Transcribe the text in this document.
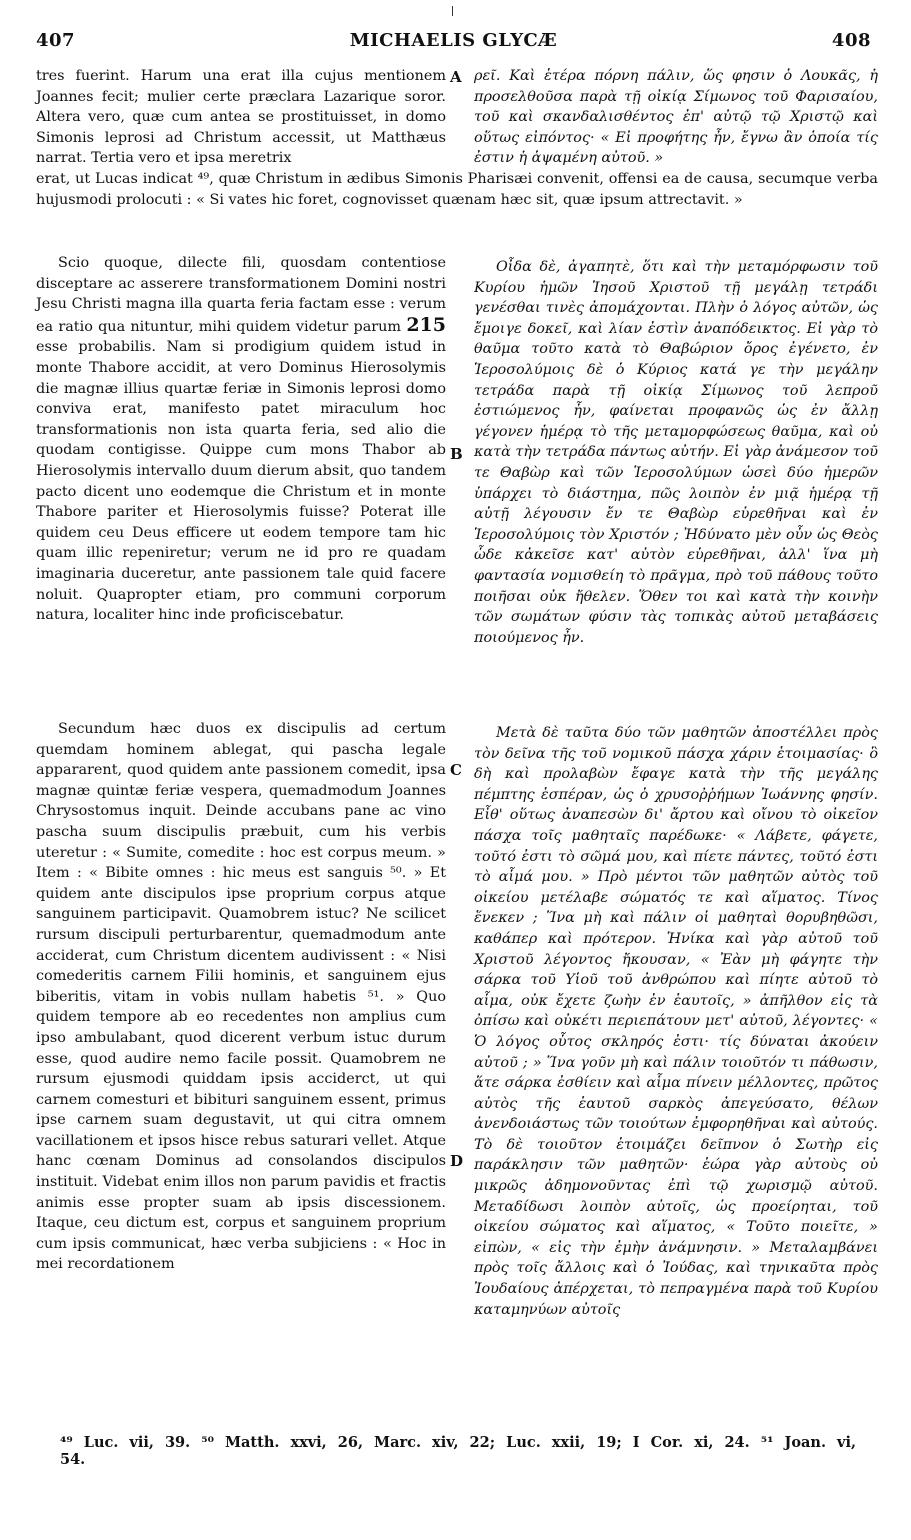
407	MICHAELIS GLYCÆ	408

tres fuerint. Harum una erat illa cujus mentionem Joannes fecit; mulier certe præclara Lazarique soror. Altera vero, quæ cum antea se prostituisset, in domo Simonis leprosi ad Christum accessit, ut Matthæus narrat. Tertia vero et ipsa meretrix

A ρεῖ. Καὶ ἑτέρα πόρνη πάλιν, ὥς φησιν ὁ Λουκᾶς, ἡ προσελθοῦσα παρὰ τῇ οἰκίᾳ Σίμωνος τοῦ Φαρισαίου, τοῦ καὶ σκανδαλισθέντος ἐπ' αὐτῷ τῷ Χριστῷ καὶ οὕτως εἰπόντος· « Εἰ προφήτης ἦν, ἔγνω ἂν ὁποία τίς ἐστιν ἡ ἁψαμένη αὐτοῦ. »

erat, ut Lucas indicat ⁴⁹, quæ Christum in ædibus Simonis Pharisæi convenit, offensi ea de causa, secumque verba hujusmodi prolocuti : « Si vates hic foret, cognovisset quænam hæc sit, quæ ipsum attrectavit. »

Scio quoque, dilecte fili, quosdam contentiose disceptare ac asserere transformationem Domini nostri Jesu Christi magna illa quarta feria factam esse : verum ea ratio qua nituntur, mihi quidem videtur parum 215 esse probabilis. Nam si prodigium quidem istud in monte Thabore accidit, at vero Dominus Hierosolymis die magnæ illius quartæ feriæ in Simonis leprosi domo conviva erat, manifesto patet miraculum hoc transformationis non ista quarta feria, sed alio die quodam contigisse. Quippe cum mons Thabor ab Hierosolymis intervallo duum dierum absit, quo tandem pacto dicent uno eodemque die Christum et in monte Thabore pariter et Hierosolymis fuisse? Poterat ille quidem ceu Deus efficere ut eodem tempore tam hic quam illic repeniretur; verum ne id pro re quadam imaginaria duceretur, ante passionem tale quid facere noluit. Quapropter etiam, pro communi corporum natura, localiter hinc inde proficiscebatur.

B

Οἶδα δὲ, ἀγαπητὲ, ὅτι καὶ τὴν μεταμόρφωσιν τοῦ Κυρίου ἡμῶν Ἰησοῦ Χριστοῦ τῇ μεγάλῃ τετράδι γενέσθαι τινὲς ἀπομάχονται. Πλὴν ὁ λόγος αὐτῶν, ὡς ἔμοιγε δοκεῖ, καὶ λίαν ἐστὶν ἀναπόδεικτος. Εἰ γὰρ τὸ θαῦμα τοῦτο κατὰ τὸ Θαβώριον ὄρος ἐγένετο, ἐν Ἱεροσολύμοις δὲ ὁ Κύριος κατά γε τὴν μεγάλην τετράδα παρὰ τῇ οἰκίᾳ Σίμωνος τοῦ λεπροῦ ἐστιώμενος ἦν, φαίνεται προφανῶς ὡς ἐν ἄλλῃ γέγονεν ἡμέρᾳ τὸ τῆς μεταμορφώσεως θαῦμα, καὶ οὐ κατὰ τὴν τετράδα πάντως αὐτήν. Εἰ γὰρ ἀνάμεσον τοῦ τε Θαβὼρ καὶ τῶν Ἱεροσολύμων ὡσεὶ δύο ἡμερῶν ὑπάρχει τὸ διάστημα, πῶς λοιπὸν ἐν μιᾷ ἡμέρᾳ τῇ αὐτῇ λέγουσιν ἔν τε Θαβὼρ εὑρεθῆναι καὶ ἐν Ἱεροσολύμοις τὸν Χριστόν ; Ἠδύνατο μὲν οὖν ὡς Θεὸς ὧδε κἀκεῖσε κατ' αὐτὸν εὑρεθῆναι, ἀλλ' ἵνα μὴ φαντασία νομισθείη τὸ πρᾶγμα, πρὸ τοῦ πάθους τοῦτο ποιῆσαι οὐκ ἤθελεν. Ὅθεν τοι καὶ κατὰ τὴν κοινὴν τῶν σωμάτων φύσιν τὰς τοπικὰς αὐτοῦ μεταβάσεις ποιούμενος ἦν.

Secundum hæc duos ex discipulis ad certum quemdam hominem ablegat, qui pascha legale appararent, quod quidem ante passionem comedit, ipsa magnæ quintæ feriæ vespera, quemadmodum Joannes Chrysostomus inquit. Deinde accubans pane ac vino pascha suum discipulis præbuit, cum his verbis uteretur : « Sumite, comedite : hoc est corpus meum. » Item : « Bibite omnes : hic meus est sanguis ⁵⁰. » Et quidem ante discipulos ipse proprium corpus atque sanguinem participavit. Quamobrem istuc? Ne scilicet rursum discipuli perturbarentur, quemadmodum ante acciderat, cum Christum dicentem audivissent : « Nisi comederitis carnem Filii hominis, et sanguinem ejus biberitis, vitam in vobis nullam habetis ⁵¹. » Quo quidem tempore ab eo recedentes non amplius cum ipso ambulabant, quod dicerent verbum istuc durum esse, quod audire nemo facile possit. Quamobrem ne rursum ejusmodi quiddam ipsis acciderct, ut qui carnem comesturi et bibituri sanguinem essent, primus ipse carnem suam degustavit, ut qui citra omnem vacillationem et ipsos hisce rebus saturari vellet. Atque hanc cœnam Dominus ad consolandos discipulos instituit. Videbat enim illos non parum pavidis et fractis animis esse propter suam ab ipsis discessionem. Itaque, ceu dictum est, corpus et sanguinem proprium cum ipsis communicat, hæc verba subjiciens : « Hoc in mei recordationem

C
D

Μετὰ δὲ ταῦτα δύο τῶν μαθητῶν ἀποστέλλει πρὸς τὸν δεῖνα τῆς τοῦ νομικοῦ πάσχα χάριν ἑτοιμασίας· ὃ δὴ καὶ προλαβὼν ἔφαγε κατὰ τὴν τῆς μεγάλης πέμπτης ἑσπέραν, ὡς ὁ χρυσοῤῥήμων Ἰωάννης φησίν. Εἶθ' οὕτως ἀναπεσὼν δι' ἄρτου καὶ οἴνου τὸ οἰκεῖον πάσχα τοῖς μαθηταῖς παρέδωκε· « Λάβετε, φάγετε, τοῦτό ἐστι τὸ σῶμά μου, καὶ πίετε πάντες, τοῦτό ἐστι τὸ αἷμά μου. » Πρὸ μέντοι τῶν μαθητῶν αὐτὸς τοῦ οἰκείου μετέλαβε σώματός τε καὶ αἵματος. Τίνος ἕνεκεν ; Ἵνα μὴ καὶ πάλιν οἱ μαθηταὶ θορυβηθῶσι, καθάπερ καὶ πρότερον. Ἡνίκα καὶ γὰρ αὐτοῦ τοῦ Χριστοῦ λέγοντος ἤκουσαν, « Ἐὰν μὴ φάγητε τὴν σάρκα τοῦ Υἱοῦ τοῦ ἀνθρώπου καὶ πίητε αὐτοῦ τὸ αἷμα, οὐκ ἔχετε ζωὴν ἐν ἑαυτοῖς, » ἀπῆλθον εἰς τὰ ὀπίσω καὶ οὐκέτι περιεπάτουν μετ' αὐτοῦ, λέγοντες· « Ὁ λόγος οὗτος σκληρός ἐστι· τίς δύναται ἀκούειν αὐτοῦ ; » Ἵνα γοῦν μὴ καὶ πάλιν τοιοῦτόν τι πάθωσιν, ἅτε σάρκα ἐσθίειν καὶ αἷμα πίνειν μέλλοντες, πρῶτος αὐτὸς τῆς ἑαυτοῦ σαρκὸς ἀπεγεύσατο, θέλων ἀνενδοιάστως τῶν τοιούτων ἐμφορηθῆναι καὶ αὐτούς. Τὸ δὲ τοιοῦτον ἑτοιμάζει δεῖπνον ὁ Σωτὴρ εἰς παράκλησιν τῶν μαθητῶν· ἑώρα γὰρ αὐτοὺς οὐ μικρῶς ἀδημονοῦντας ἐπὶ τῷ χωρισμῷ αὐτοῦ. Μεταδίδωσι λοιπὸν αὐτοῖς, ὡς προείρηται, τοῦ οἰκείου σώματος καὶ αἵματος, « Τοῦτο ποιεῖτε, » εἰπὼν, « εἰς τὴν ἐμὴν ἀνάμνησιν. » Μεταλαμβάνει πρὸς τοῖς ἄλλοις καὶ ὁ Ἰούδας, καὶ τηνικαῦτα πρὸς Ἰουδαίους ἀπέρχεται, τὸ πεπραγμένα παρὰ τοῦ Κυρίου καταμηνύων αὐτοῖς

⁴⁹ Luc. vii, 39. ⁵⁰ Matth. xxvi, 26, Marc. xiv, 22; Luc. xxii, 19; I Cor. xi, 24. ⁵¹ Joan. vi, 54.
